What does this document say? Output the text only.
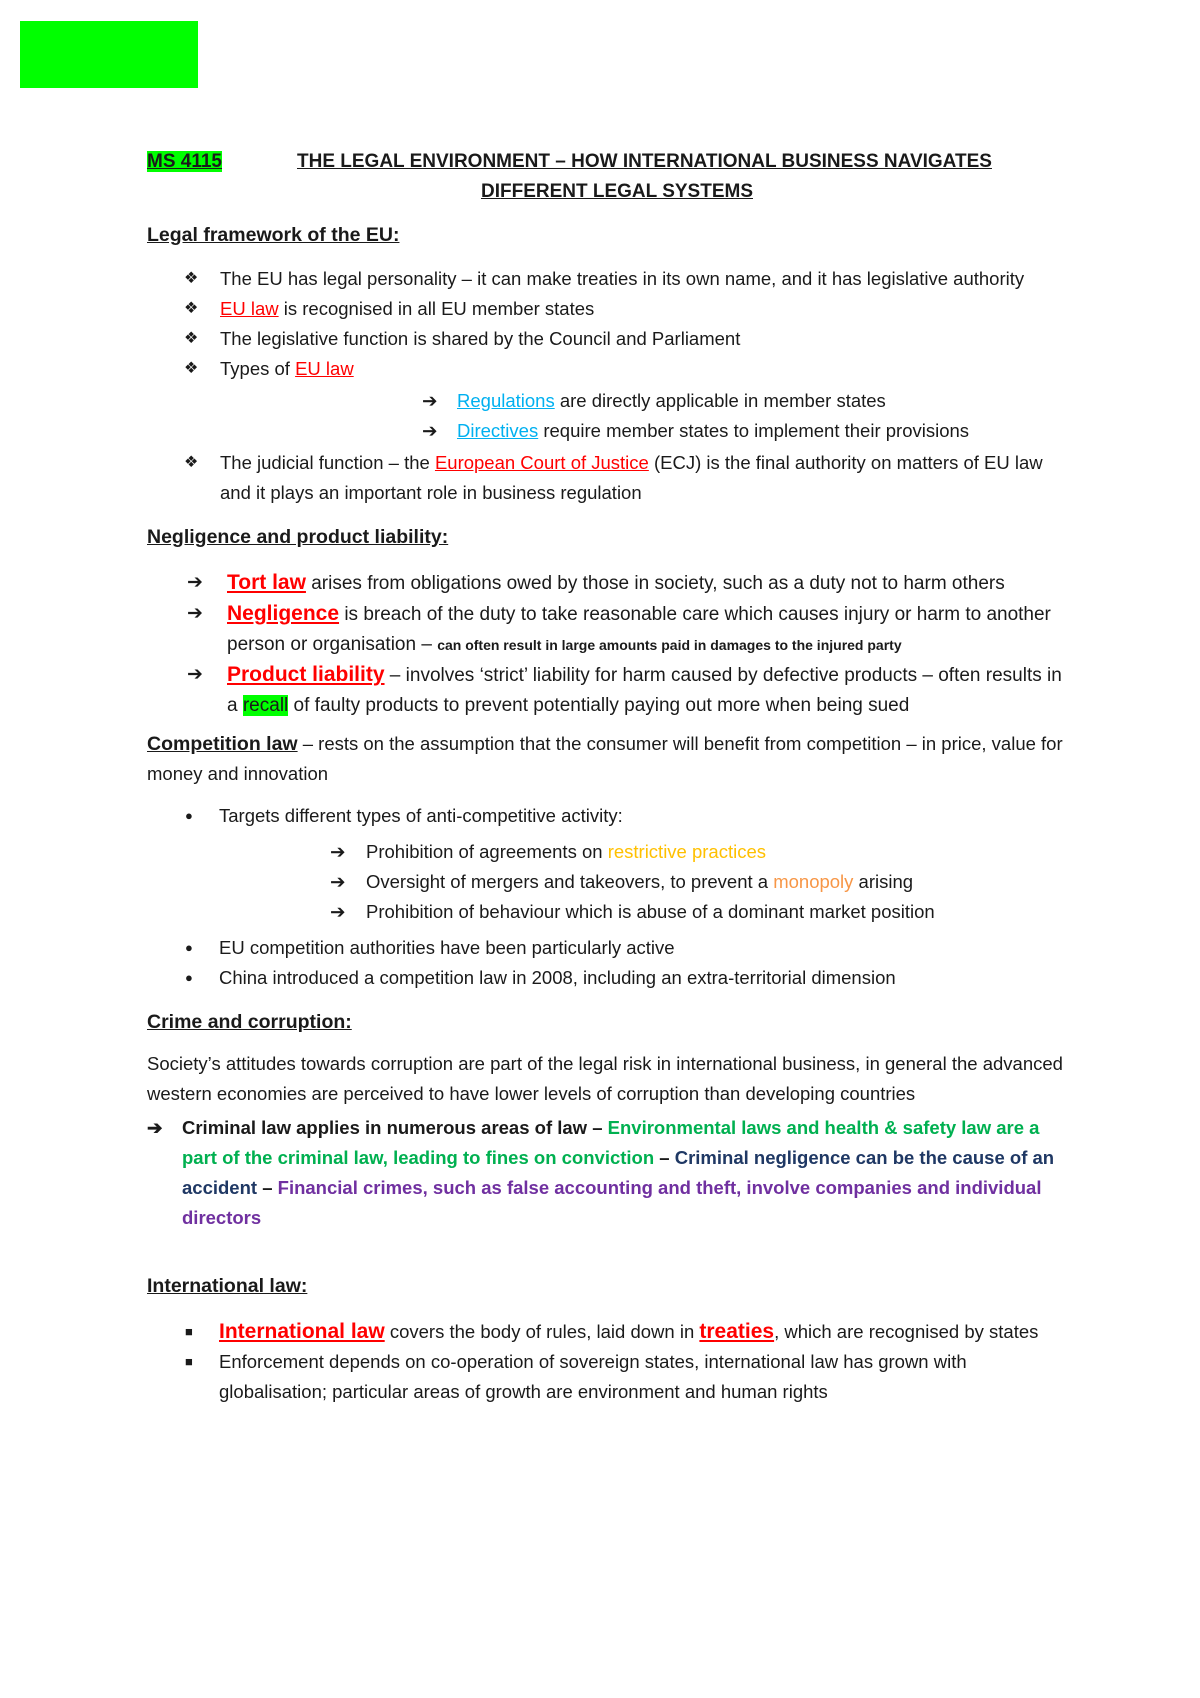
MS 4115	THE LEGAL ENVIRONMENT – HOW INTERNATIONAL BUSINESS NAVIGATES
DIFFERENT LEGAL SYSTEMS
Legal framework of the EU:
❖ The EU has legal personality – it can make treaties in its own name, and it has legislative authority
❖ EU law is recognised in all EU member states
❖ The legislative function is shared by the Council and Parliament
❖ Types of EU law
➔ Regulations are directly applicable in member states
➔ Directives require member states to implement their provisions
❖ The judicial function – the European Court of Justice (ECJ) is the final authority on matters of EU law and it plays an important role in business regulation
Negligence and product liability:
➔ Tort law arises from obligations owed by those in society, such as a duty not to harm others
➔ Negligence is breach of the duty to take reasonable care which causes injury or harm to another person or organisation – can often result in large amounts paid in damages to the injured party
➔ Product liability – involves ‘strict’ liability for harm caused by defective products – often results in a recall of faulty products to prevent potentially paying out more when being sued
Competition law – rests on the assumption that the consumer will benefit from competition – in price, value for money and innovation
● Targets different types of anti-competitive activity:
➔ Prohibition of agreements on restrictive practices
➔ Oversight of mergers and takeovers, to prevent a monopoly arising
➔ Prohibition of behaviour which is abuse of a dominant market position
● EU competition authorities have been particularly active
● China introduced a competition law in 2008, including an extra-territorial dimension
Crime and corruption:

Society’s attitudes towards corruption are part of the legal risk in international business, in general the advanced western economies are perceived to have lower levels of corruption than developing countries

➔ Criminal law applies in numerous areas of law – Environmental laws and health & safety law are a part of the criminal law, leading to fines on conviction – Criminal negligence can be the cause of an accident – Financial crimes, such as false accounting and theft, involve companies and individual directors
International law:
■ International law covers the body of rules, laid down in treaties, which are recognised by states
■ Enforcement depends on co-operation of sovereign states, international law has grown with globalisation; particular areas of growth are environment and human rights
